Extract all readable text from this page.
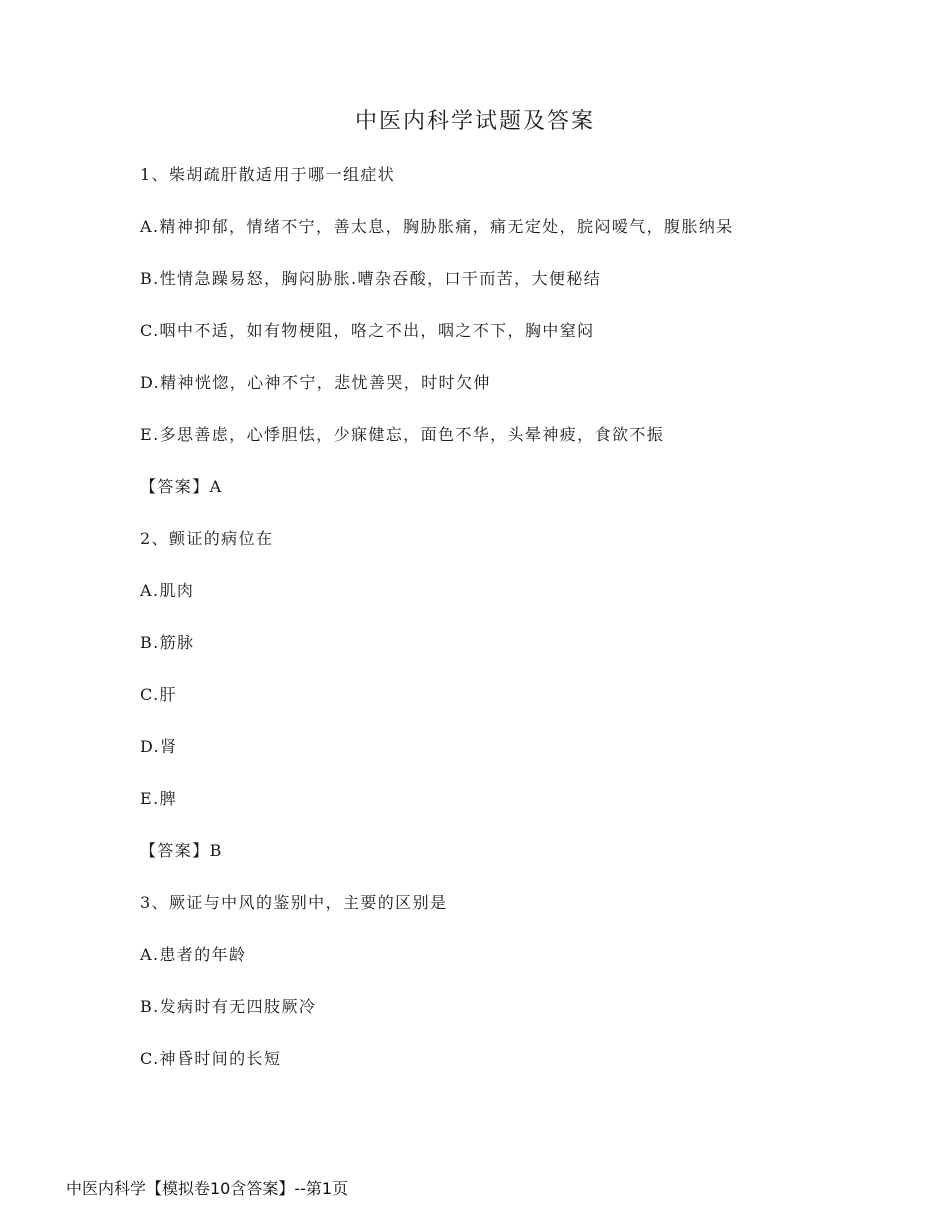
中医内科学试题及答案
1、柴胡疏肝散适用于哪一组症状
A.精神抑郁，情绪不宁，善太息，胸胁胀痛，痛无定处，脘闷嗳气，腹胀纳呆
B.性情急躁易怒，胸闷胁胀.嘈杂吞酸，口干而苦，大便秘结
C.咽中不适，如有物梗阻，咯之不出，咽之不下，胸中窒闷
D.精神恍惚，心神不宁，悲忧善哭，时时欠伸
E.多思善虑，心悸胆怯，少寐健忘，面色不华，头晕神疲，食欲不振
【答案】A
2、颤证的病位在
A.肌肉
B.筋脉
C.肝
D.肾
E.脾
【答案】B
3、厥证与中风的鉴别中，主要的区别是
A.患者的年龄
B.发病时有无四肢厥冷
C.神昏时间的长短
中医内科学【模拟卷10含答案】--第1页
